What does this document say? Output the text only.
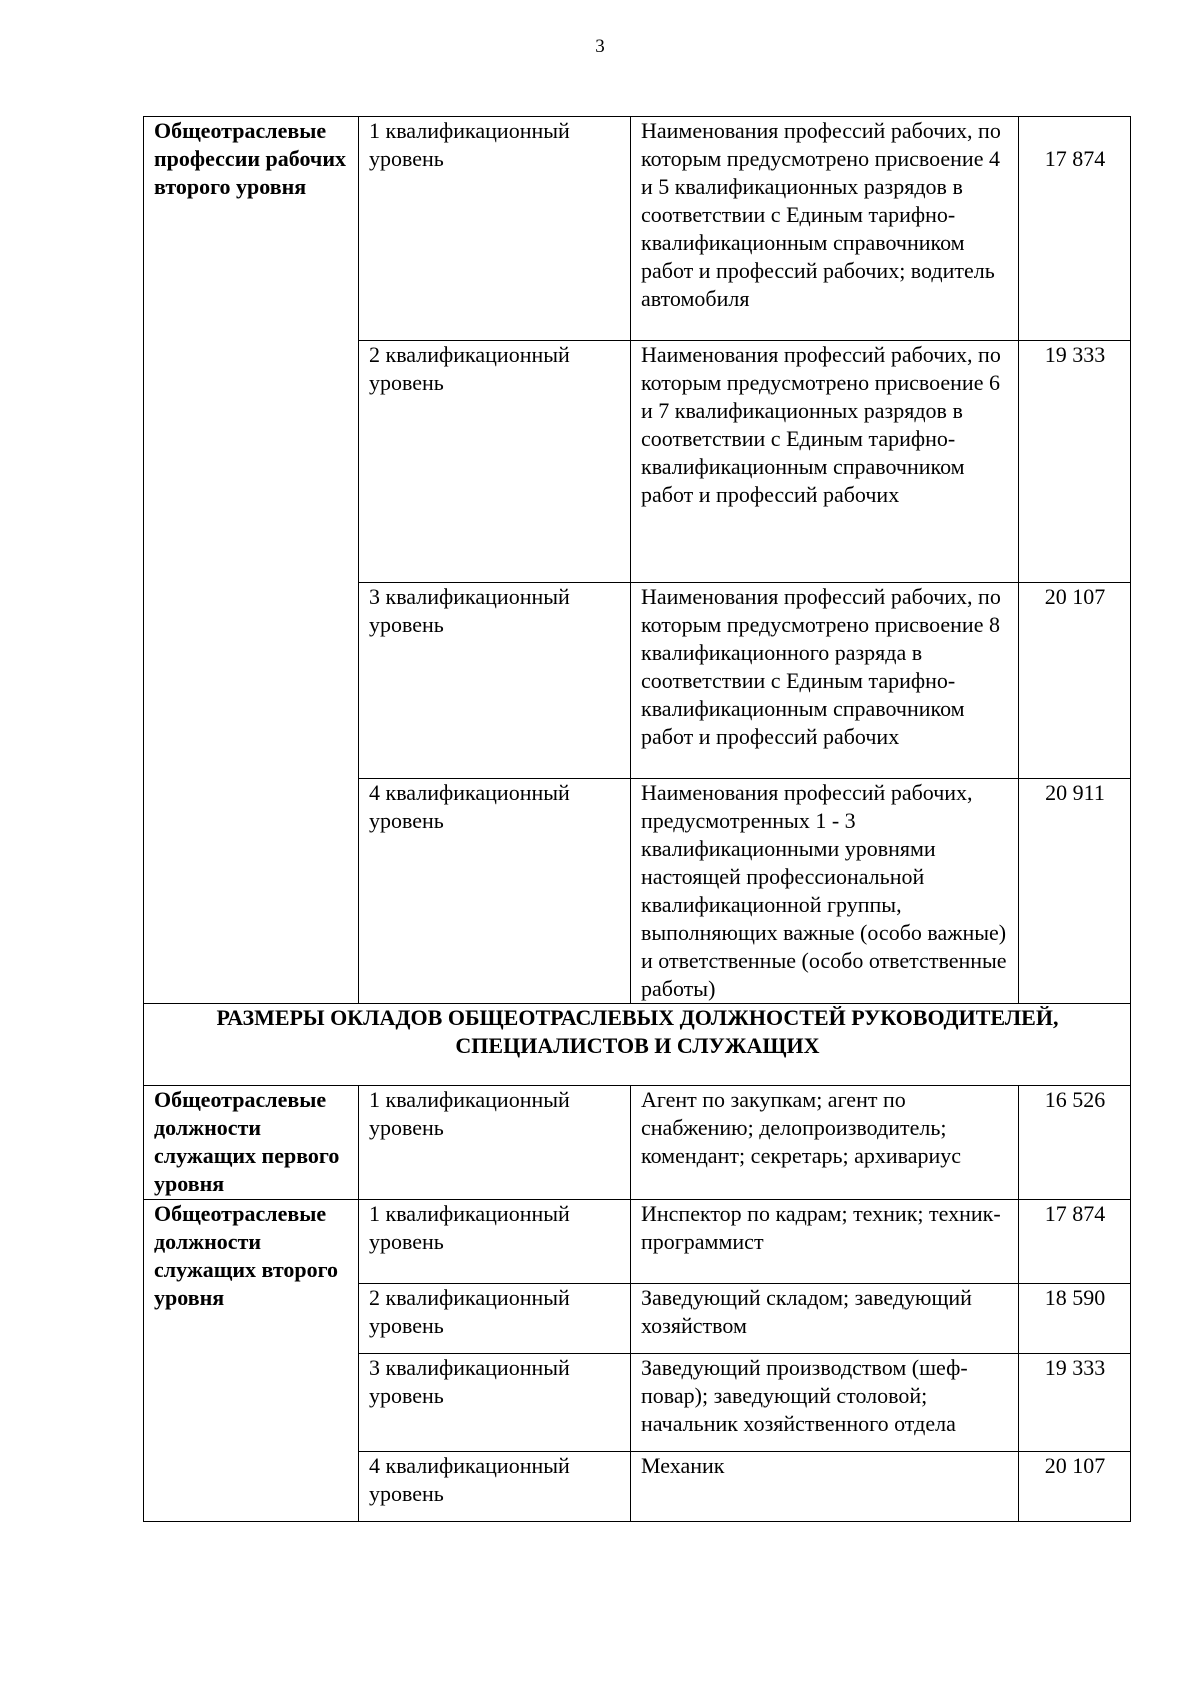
3
Общеотраслевые профессии рабочих второго уровня	1 квалификационный уровень	Наименования профессий рабочих, по которым предусмотрено присвоение 4 и 5 квалификационных разрядов в соответствии с Единым тарифно-квалификационным справочником работ и профессий рабочих; водитель автомобиля	17 874
	2 квалификационный уровень	Наименования профессий рабочих, по которым предусмотрено присвоение 6 и 7 квалификационных разрядов в соответствии с Единым тарифно-квалификационным справочником работ и профессий рабочих	19 333
	3 квалификационный уровень	Наименования профессий рабочих, по которым предусмотрено присвоение 8 квалификационного разряда в соответствии с Единым тарифно-квалификационным справочником работ и профессий рабочих	20 107
	4 квалификационный уровень	Наименования профессий рабочих, предусмотренных 1 - 3 квалификационными уровнями настоящей профессиональной квалификационной группы, выполняющих важные (особо важные) и ответственные (особо ответственные работы)	20 911
РАЗМЕРЫ ОКЛАДОВ ОБЩЕОТРАСЛЕВЫХ ДОЛЖНОСТЕЙ РУКОВОДИТЕЛЕЙ, СПЕЦИАЛИСТОВ И СЛУЖАЩИХ			
Общеотраслевые должности служащих первого уровня	1 квалификационный уровень	Агент по закупкам; агент по снабжению; делопроизводитель; комендант; секретарь; архивариус	16 526
Общеотраслевые должности служащих второго уровня	1 квалификационный уровень	Инспектор по кадрам; техник; техник-программист	17 874
	2 квалификационный уровень	Заведующий складом; заведующий хозяйством	18 590
	3 квалификационный уровень	Заведующий производством (шеф-повар); заведующий столовой; начальник хозяйственного отдела	19 333
	4 квалификационный уровень	Механик	20 107
